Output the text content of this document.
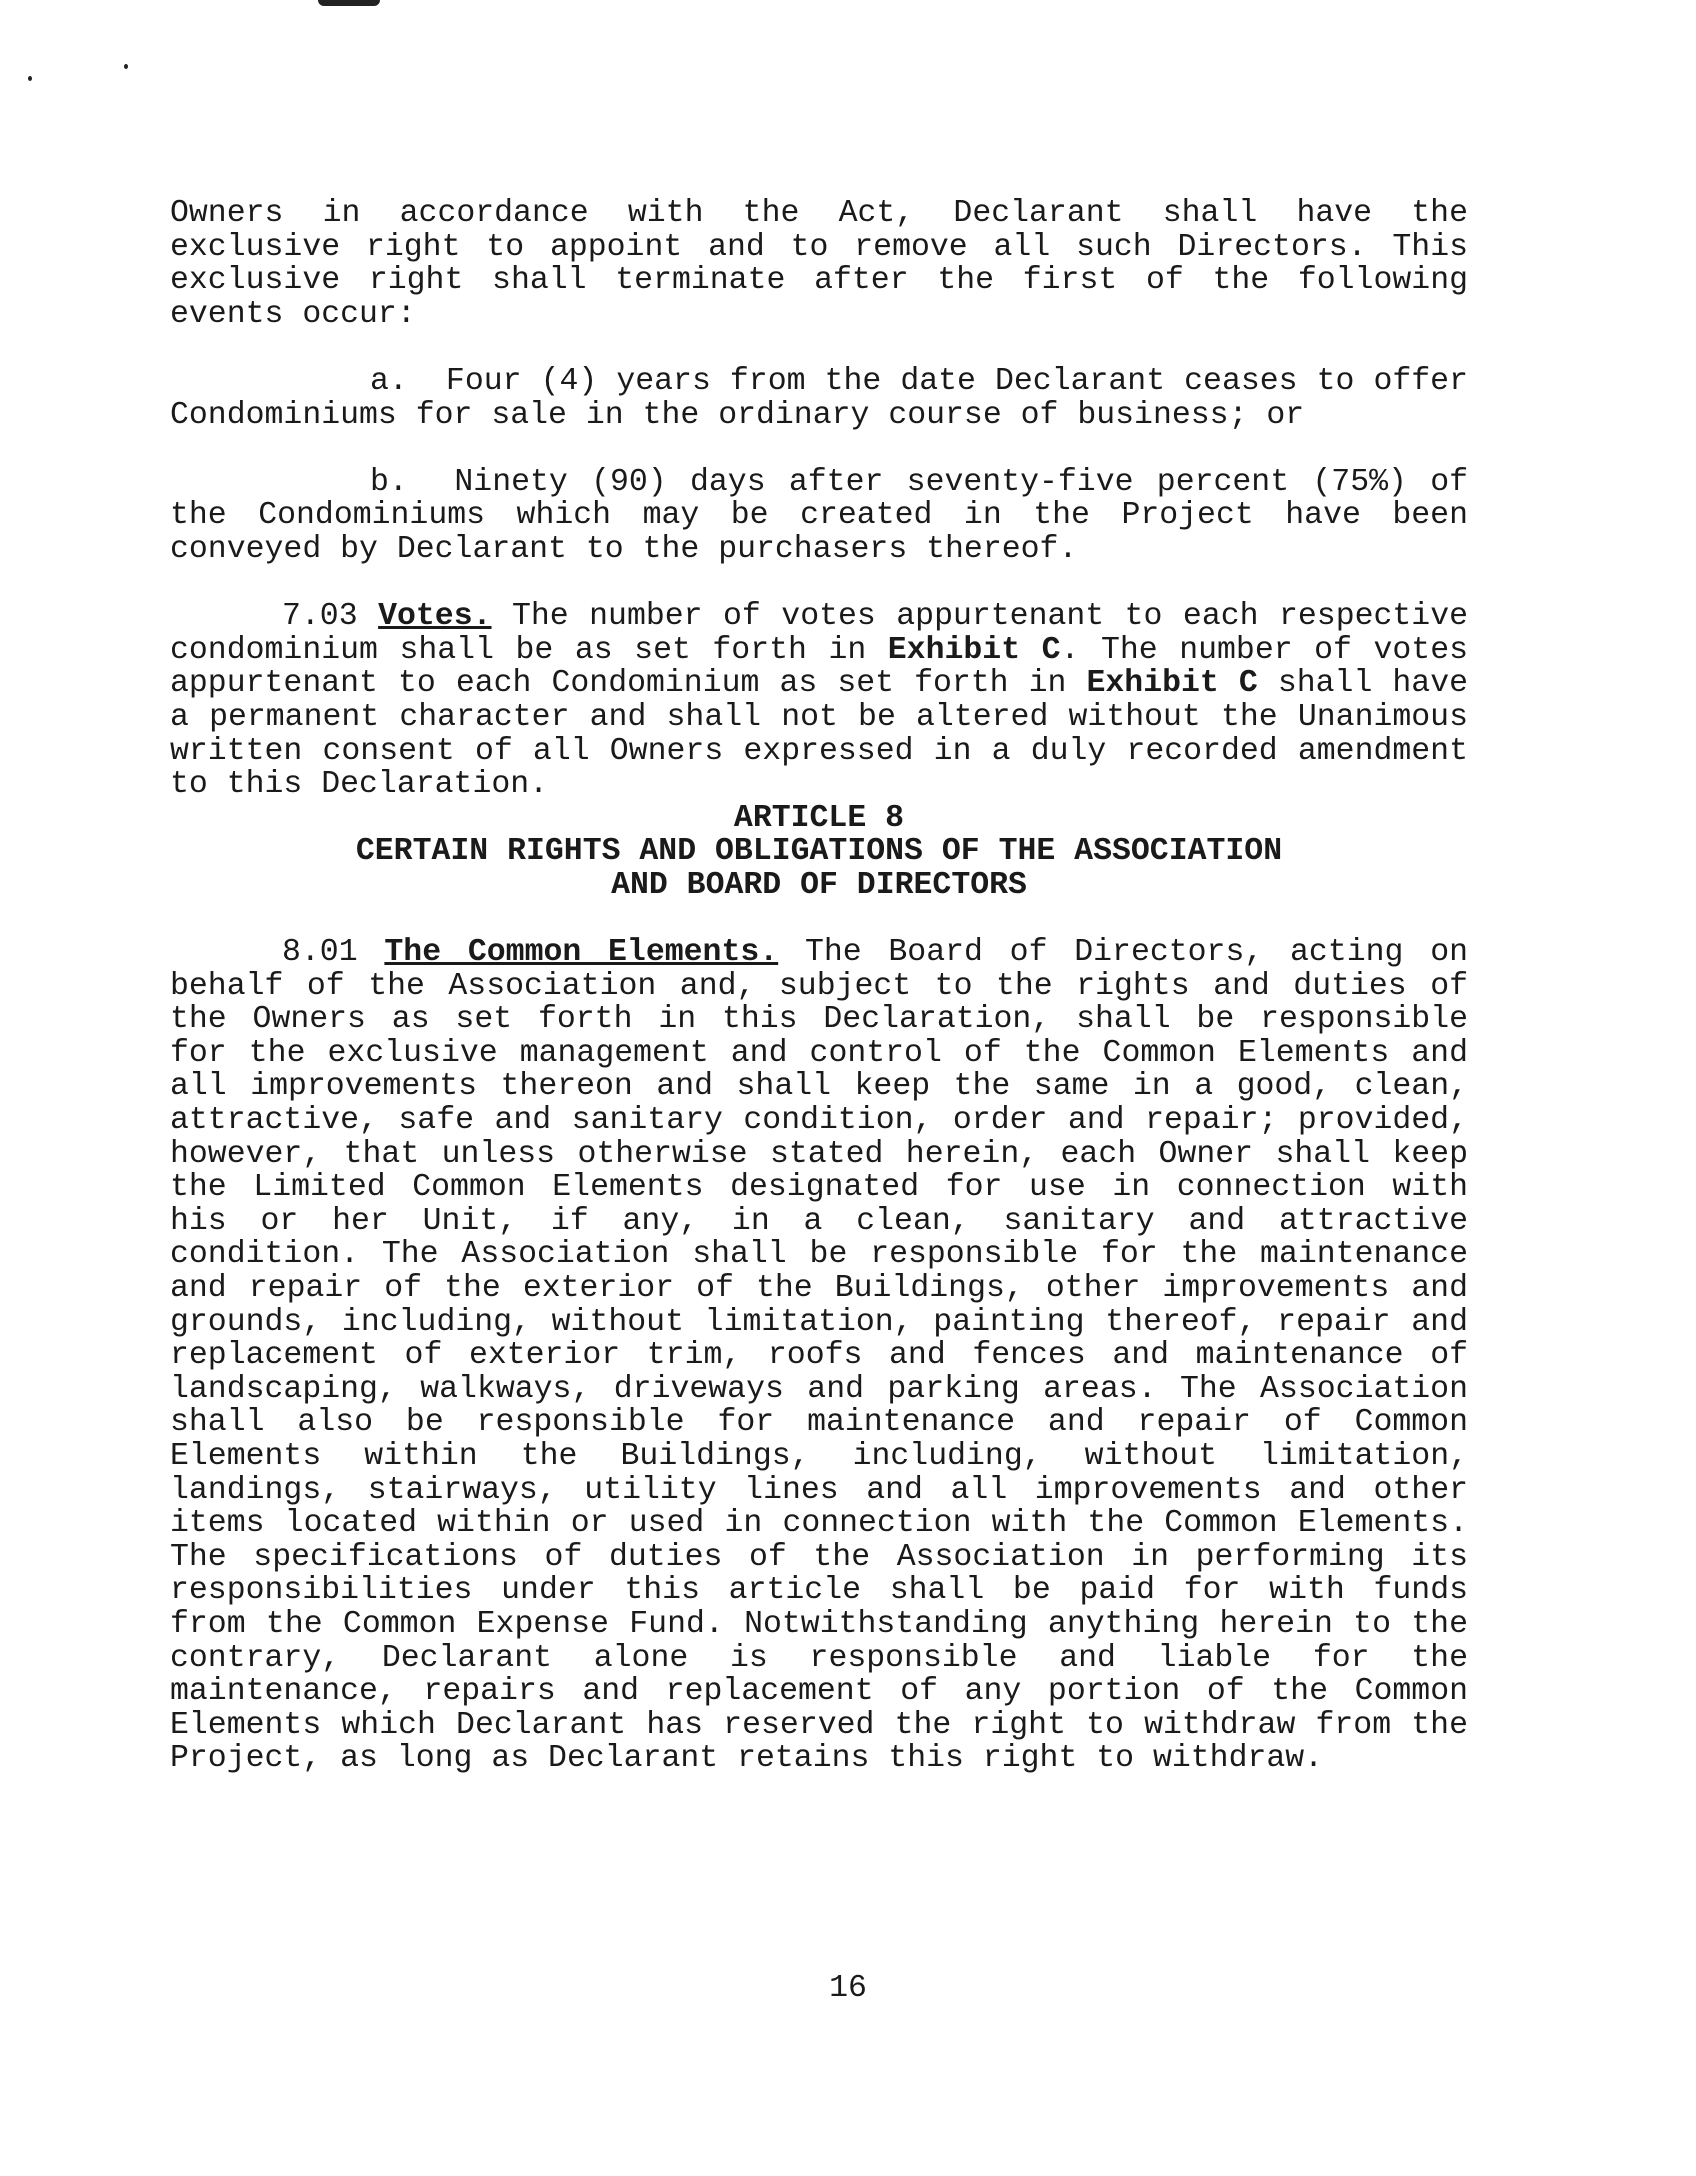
Owners in accordance with the Act, Declarant shall have the exclusive right to appoint and to remove all such Directors. This exclusive right shall terminate after the first of the following events occur:

a. Four (4) years from the date Declarant ceases to offer Condominiums for sale in the ordinary course of business; or

b. Ninety (90) days after seventy-five percent (75%) of the Condominiums which may be created in the Project have been conveyed by Declarant to the purchasers thereof.

7.03 Votes. The number of votes appurtenant to each respective condominium shall be as set forth in Exhibit C. The number of votes appurtenant to each Condominium as set forth in Exhibit C shall have a permanent character and shall not be altered without the Unanimous written consent of all Owners expressed in a duly recorded amendment to this Declaration.

ARTICLE 8

CERTAIN RIGHTS AND OBLIGATIONS OF THE ASSOCIATION

AND BOARD OF DIRECTORS

8.01 The Common Elements. The Board of Directors, acting on behalf of the Association and, subject to the rights and duties of the Owners as set forth in this Declaration, shall be responsible for the exclusive management and control of the Common Elements and all improvements thereon and shall keep the same in a good, clean, attractive, safe and sanitary condition, order and repair; provided, however, that unless otherwise stated herein, each Owner shall keep the Limited Common Elements designated for use in connection with his or her Unit, if any, in a clean, sanitary and attractive condition. The Association shall be responsible for the maintenance and repair of the exterior of the Buildings, other improvements and grounds, including, without limitation, painting thereof, repair and replacement of exterior trim, roofs and fences and maintenance of landscaping, walkways, driveways and parking areas. The Association shall also be responsible for maintenance and repair of Common Elements within the Buildings, including, without limitation, landings, stairways, utility lines and all improvements and other items located within or used in connection with the Common Elements. The specifications of duties of the Association in performing its responsibilities under this article shall be paid for with funds from the Common Expense Fund. Notwithstanding anything herein to the contrary, Declarant alone is responsible and liable for the maintenance, repairs and replacement of any portion of the Common Elements which Declarant has reserved the right to withdraw from the Project, as long as Declarant retains this right to withdraw.

16
